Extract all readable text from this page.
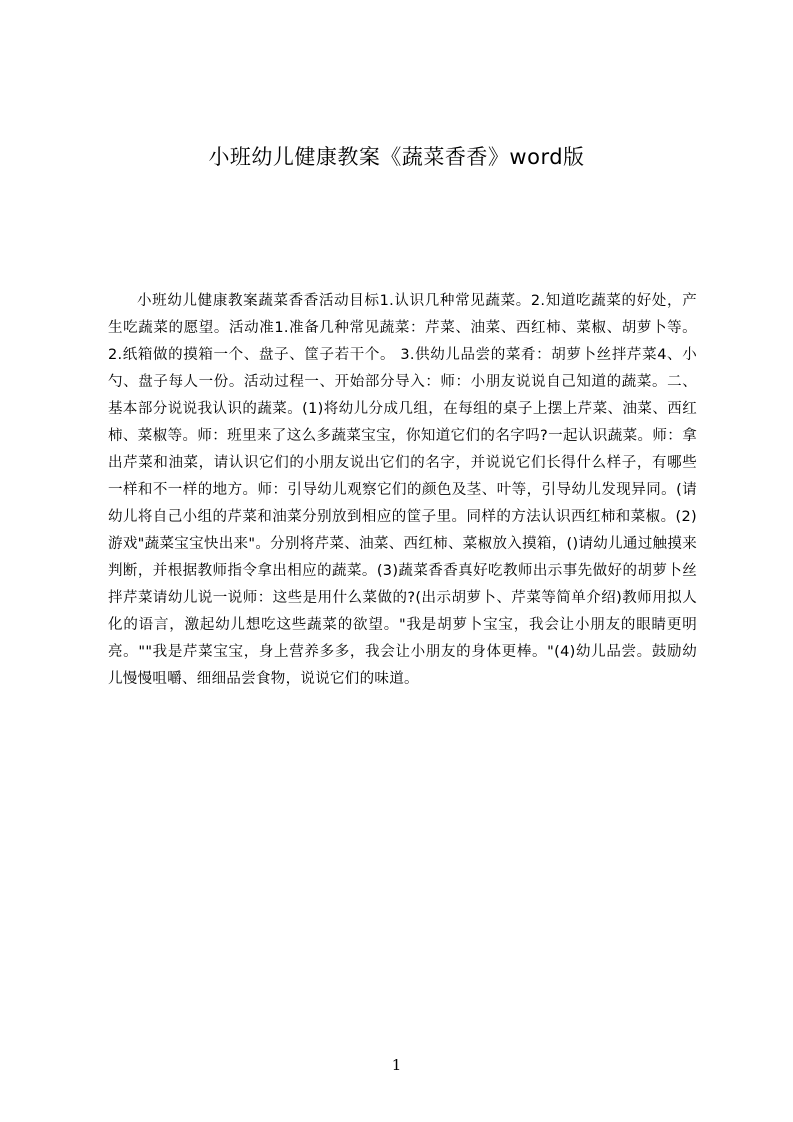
小班幼儿健康教案《蔬菜香香》word版

小班幼儿健康教案蔬菜香香活动目标1.认识几种常见蔬菜。2.知道吃蔬菜的好处，产生吃蔬菜的愿望。活动准1.准备几种常见蔬菜：芹菜、油菜、西红柿、菜椒、胡萝卜等。2.纸箱做的摸箱一个、盘子、筐子若干个。 3.供幼儿品尝的菜肴：胡萝卜丝拌芹菜4、小勺、盘子每人一份。活动过程一、开始部分导入：师：小朋友说说自己知道的蔬菜。二、基本部分说说我认识的蔬菜。(1)将幼儿分成几组，在每组的桌子上摆上芹菜、油菜、西红柿、菜椒等。师：班里来了这么多蔬菜宝宝，你知道它们的名字吗?一起认识蔬菜。师：拿出芹菜和油菜，请认识它们的小朋友说出它们的名字，并说说它们长得什么样子，有哪些一样和不一样的地方。师：引导幼儿观察它们的颜色及茎、叶等，引导幼儿发现异同。(请幼儿将自己小组的芹菜和油菜分别放到相应的筐子里。同样的方法认识西红柿和菜椒。(2)游戏"蔬菜宝宝快出来"。分别将芹菜、油菜、西红柿、菜椒放入摸箱，()请幼儿通过触摸来判断，并根据教师指令拿出相应的蔬菜。(3)蔬菜香香真好吃教师出示事先做好的胡萝卜丝拌芹菜请幼儿说一说师：这些是用什么菜做的?(出示胡萝卜、芹菜等简单介绍)教师用拟人化的语言，激起幼儿想吃这些蔬菜的欲望。"我是胡萝卜宝宝，我会让小朋友的眼睛更明亮。""我是芹菜宝宝，身上营养多多，我会让小朋友的身体更棒。"(4)幼儿品尝。鼓励幼儿慢慢咀嚼、细细品尝食物，说说它们的味道。

1
